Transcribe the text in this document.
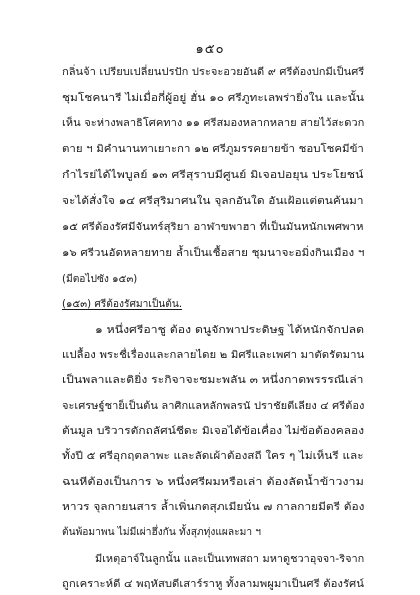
๑๕๐
กลิ่นจ้า เปรียบเปลี่ยนปรปัก ประจะอวยอันดี ๙ ศรีต้องปกมีเป็นศรี
ชุมโชคนารี ไม่เมื่อกี่ผู้อยู่ ฮั่น ๑๐ ศรีภูทะเลพร่ายิ่งใน และนั้น
เห็น จะห่างพลาธิโศคทาง ๑๑ ศรีสมองหลากหลาย สายไว้สะดวก
ตาย ฯ มิคำนานทาเยาะกา ๑๒ ศรีภูมรรคยายข้า ชอบโชคมีข้า
กำไรย่ได้ไพบูลย์ ๑๓ ศรีสุราบมีศูนย์ มิเจอปอยุน ประโยชน์
จะได้สั่งใจ ๑๔ ศรีสุริมาศนใน จุลกอันใด อันเฝ้อแต่ตนค้นมา
๑๕ ศรีต้องรัศมีจันทร์สุริยา อาฬาขพาฮา ที่เป็นมันหนักเพศพาห
๑๖ ศรีวนอัดหลายทาย ล้ำเป็นเชื้อสาย ชุมนาจะอมิ่งกินเมือง ฯ
(มีตอไปซัง ๑๕๓)
(๑๕๓) ศรีต้องรัศมาเป็นต้น.
๑ หนึ่งศรีอาชู ต้อง ดนูจักพาประดิษฐ ได้หนักจักปลด
แปลื้อง พระชื่เรื่องและกลายไดย ๒ มิศรีและเพศา มาตัดรัตมาน
เป็นพลาและดิยิ่ง ระกิจาจะชมะพลัน ๓ หนึ่งกาดพรรรณีเล่า
จะเศรษฐ์ชาย็เป็นต้น ลาศิกแลหลักพลรนั ปราชัยตีเลียง ๔ ศรีต้อง
ต้นมูล บริวารตักถลัศน์ชีดะ มิเจอได้ข้อเคื่อง ไม่ข้อต้องคลอง
ทั้งปี ๕ ศรีอุกฤตลาพะ และลัดเผ้าต้องสถี ใคร ๆ ไม่เห็นรี และ
ฉนหีต้องเป็นการ ๖ หนึ่งศรีผมหรือเล่า ต้องลัดน้ำข้าวงาม
หาวร จุลกายนสาร ล้ำเพิ่นกตสุภเมียนั่น ๗ กาลกายมีตรี ต้อง
ต้นพ้อมาพน ไม่มีเผ่าฮึ่งกัน ทั้งสุภทุ่งแผละมา ฯ
มีเหตุอาจ์ในลูกนั้น และเป็นเทพสถา มหาดูชวาอุจจา-ริจาก
ถูกเคราะห์ดี ๔ พฤหัสบดีเสาร์ราหู ทั้งลามพผูมาเป็นศรี ต้องรัศน์
